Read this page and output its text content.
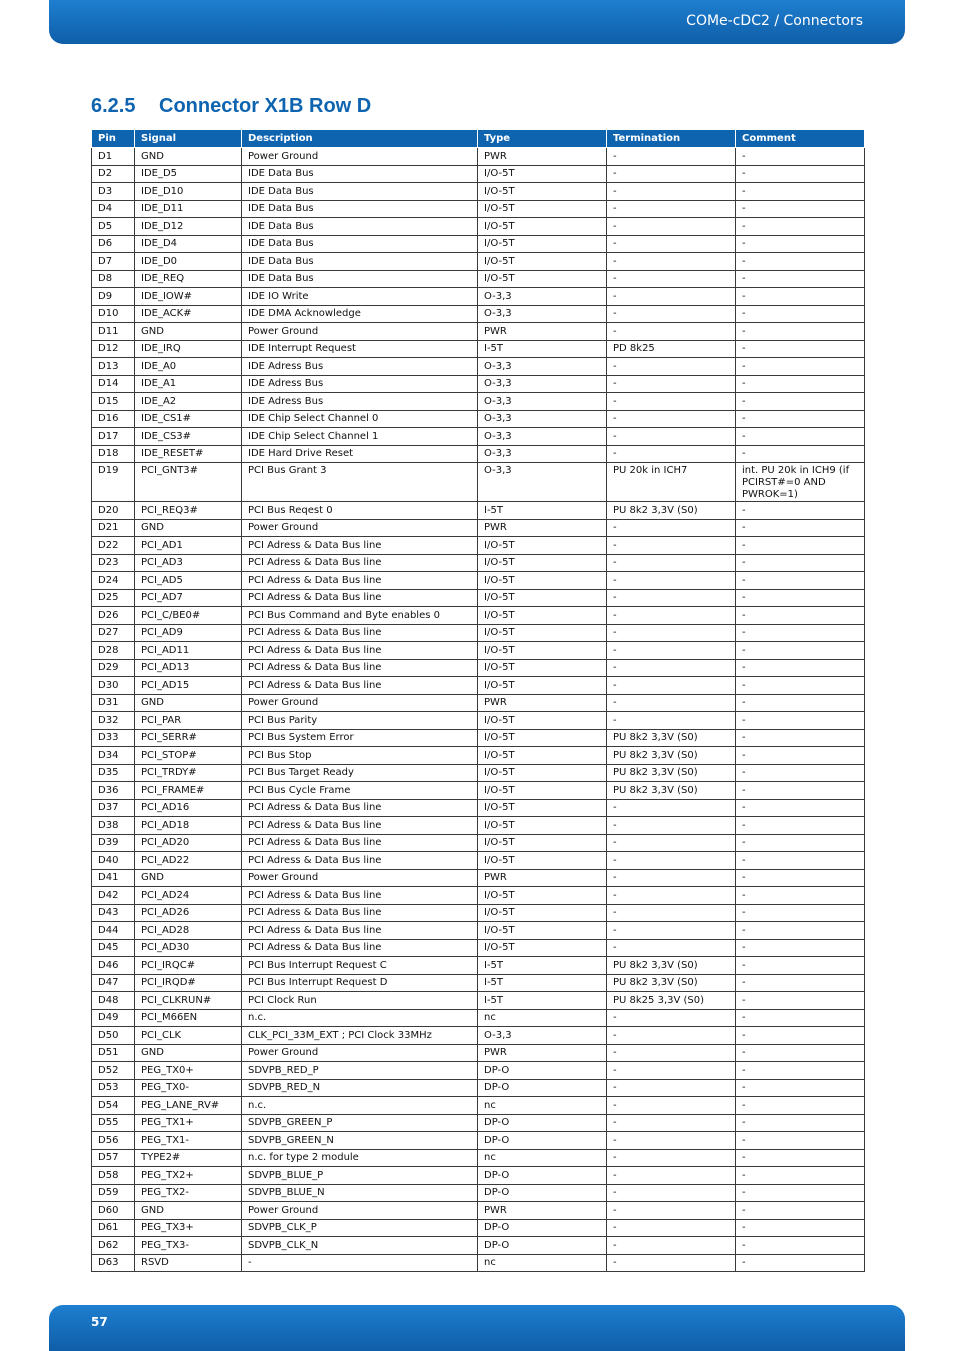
COMe-cDC2 / Connectors
6.2.5 Connector X1B Row D
Pin	Signal	Description	Type	Termination	Comment
D1	GND	Power Ground	PWR	-	-
D2	IDE_D5	IDE Data Bus	I/O-5T	-	-
D3	IDE_D10	IDE Data Bus	I/O-5T	-	-
D4	IDE_D11	IDE Data Bus	I/O-5T	-	-
D5	IDE_D12	IDE Data Bus	I/O-5T	-	-
D6	IDE_D4	IDE Data Bus	I/O-5T	-	-
D7	IDE_D0	IDE Data Bus	I/O-5T	-	-
D8	IDE_REQ	IDE Data Bus	I/O-5T	-	-
D9	IDE_IOW#	IDE IO Write	O-3,3	-	-
D10	IDE_ACK#	IDE DMA Acknowledge	O-3,3	-	-
D11	GND	Power Ground	PWR	-	-
D12	IDE_IRQ	IDE Interrupt Request	I-5T	PD 8k25	-
D13	IDE_A0	IDE Adress Bus	O-3,3	-	-
D14	IDE_A1	IDE Adress Bus	O-3,3	-	-
D15	IDE_A2	IDE Adress Bus	O-3,3	-	-
D16	IDE_CS1#	IDE Chip Select Channel 0	O-3,3	-	-
D17	IDE_CS3#	IDE Chip Select Channel 1	O-3,3	-	-
D18	IDE_RESET#	IDE Hard Drive Reset	O-3,3	-	-
D19	PCI_GNT3#	PCI Bus Grant 3	O-3,3	PU 20k in ICH7	int. PU 20k in ICH9 (if PCIRST#=0 AND PWROK=1)
D20	PCI_REQ3#	PCI Bus Reqest 0	I-5T	PU 8k2 3,3V (S0)	-
D21	GND	Power Ground	PWR	-	-
D22	PCI_AD1	PCI Adress & Data Bus line	I/O-5T	-	-
D23	PCI_AD3	PCI Adress & Data Bus line	I/O-5T	-	-
D24	PCI_AD5	PCI Adress & Data Bus line	I/O-5T	-	-
D25	PCI_AD7	PCI Adress & Data Bus line	I/O-5T	-	-
D26	PCI_C/BE0#	PCI Bus Command and Byte enables 0	I/O-5T	-	-
D27	PCI_AD9	PCI Adress & Data Bus line	I/O-5T	-	-
D28	PCI_AD11	PCI Adress & Data Bus line	I/O-5T	-	-
D29	PCI_AD13	PCI Adress & Data Bus line	I/O-5T	-	-
D30	PCI_AD15	PCI Adress & Data Bus line	I/O-5T	-	-
D31	GND	Power Ground	PWR	-	-
D32	PCI_PAR	PCI Bus Parity	I/O-5T	-	-
D33	PCI_SERR#	PCI Bus System Error	I/O-5T	PU 8k2 3,3V (S0)	-
D34	PCI_STOP#	PCI Bus Stop	I/O-5T	PU 8k2 3,3V (S0)	-
D35	PCI_TRDY#	PCI Bus Target Ready	I/O-5T	PU 8k2 3,3V (S0)	-
D36	PCI_FRAME#	PCI Bus Cycle Frame	I/O-5T	PU 8k2 3,3V (S0)	-
D37	PCI_AD16	PCI Adress & Data Bus line	I/O-5T	-	-
D38	PCI_AD18	PCI Adress & Data Bus line	I/O-5T	-	-
D39	PCI_AD20	PCI Adress & Data Bus line	I/O-5T	-	-
D40	PCI_AD22	PCI Adress & Data Bus line	I/O-5T	-	-
D41	GND	Power Ground	PWR	-	-
D42	PCI_AD24	PCI Adress & Data Bus line	I/O-5T	-	-
D43	PCI_AD26	PCI Adress & Data Bus line	I/O-5T	-	-
D44	PCI_AD28	PCI Adress & Data Bus line	I/O-5T	-	-
D45	PCI_AD30	PCI Adress & Data Bus line	I/O-5T	-	-
D46	PCI_IRQC#	PCI Bus Interrupt Request C	I-5T	PU 8k2 3,3V (S0)	-
D47	PCI_IRQD#	PCI Bus Interrupt Request D	I-5T	PU 8k2 3,3V (S0)	-
D48	PCI_CLKRUN#	PCI Clock Run	I-5T	PU 8k25 3,3V (S0)	-
D49	PCI_M66EN	n.c.	nc	-	-
D50	PCI_CLK	CLK_PCI_33M_EXT ; PCI Clock 33MHz	O-3,3	-	-
D51	GND	Power Ground	PWR	-	-
D52	PEG_TX0+	SDVPB_RED_P	DP-O	-	-
D53	PEG_TX0-	SDVPB_RED_N	DP-O	-	-
D54	PEG_LANE_RV#	n.c.	nc	-	-
D55	PEG_TX1+	SDVPB_GREEN_P	DP-O	-	-
D56	PEG_TX1-	SDVPB_GREEN_N	DP-O	-	-
D57	TYPE2#	n.c. for type 2 module	nc	-	-
D58	PEG_TX2+	SDVPB_BLUE_P	DP-O	-	-
D59	PEG_TX2-	SDVPB_BLUE_N	DP-O	-	-
D60	GND	Power Ground	PWR	-	-
D61	PEG_TX3+	SDVPB_CLK_P	DP-O	-	-
D62	PEG_TX3-	SDVPB_CLK_N	DP-O	-	-
D63	RSVD	-	nc	-	-
57
